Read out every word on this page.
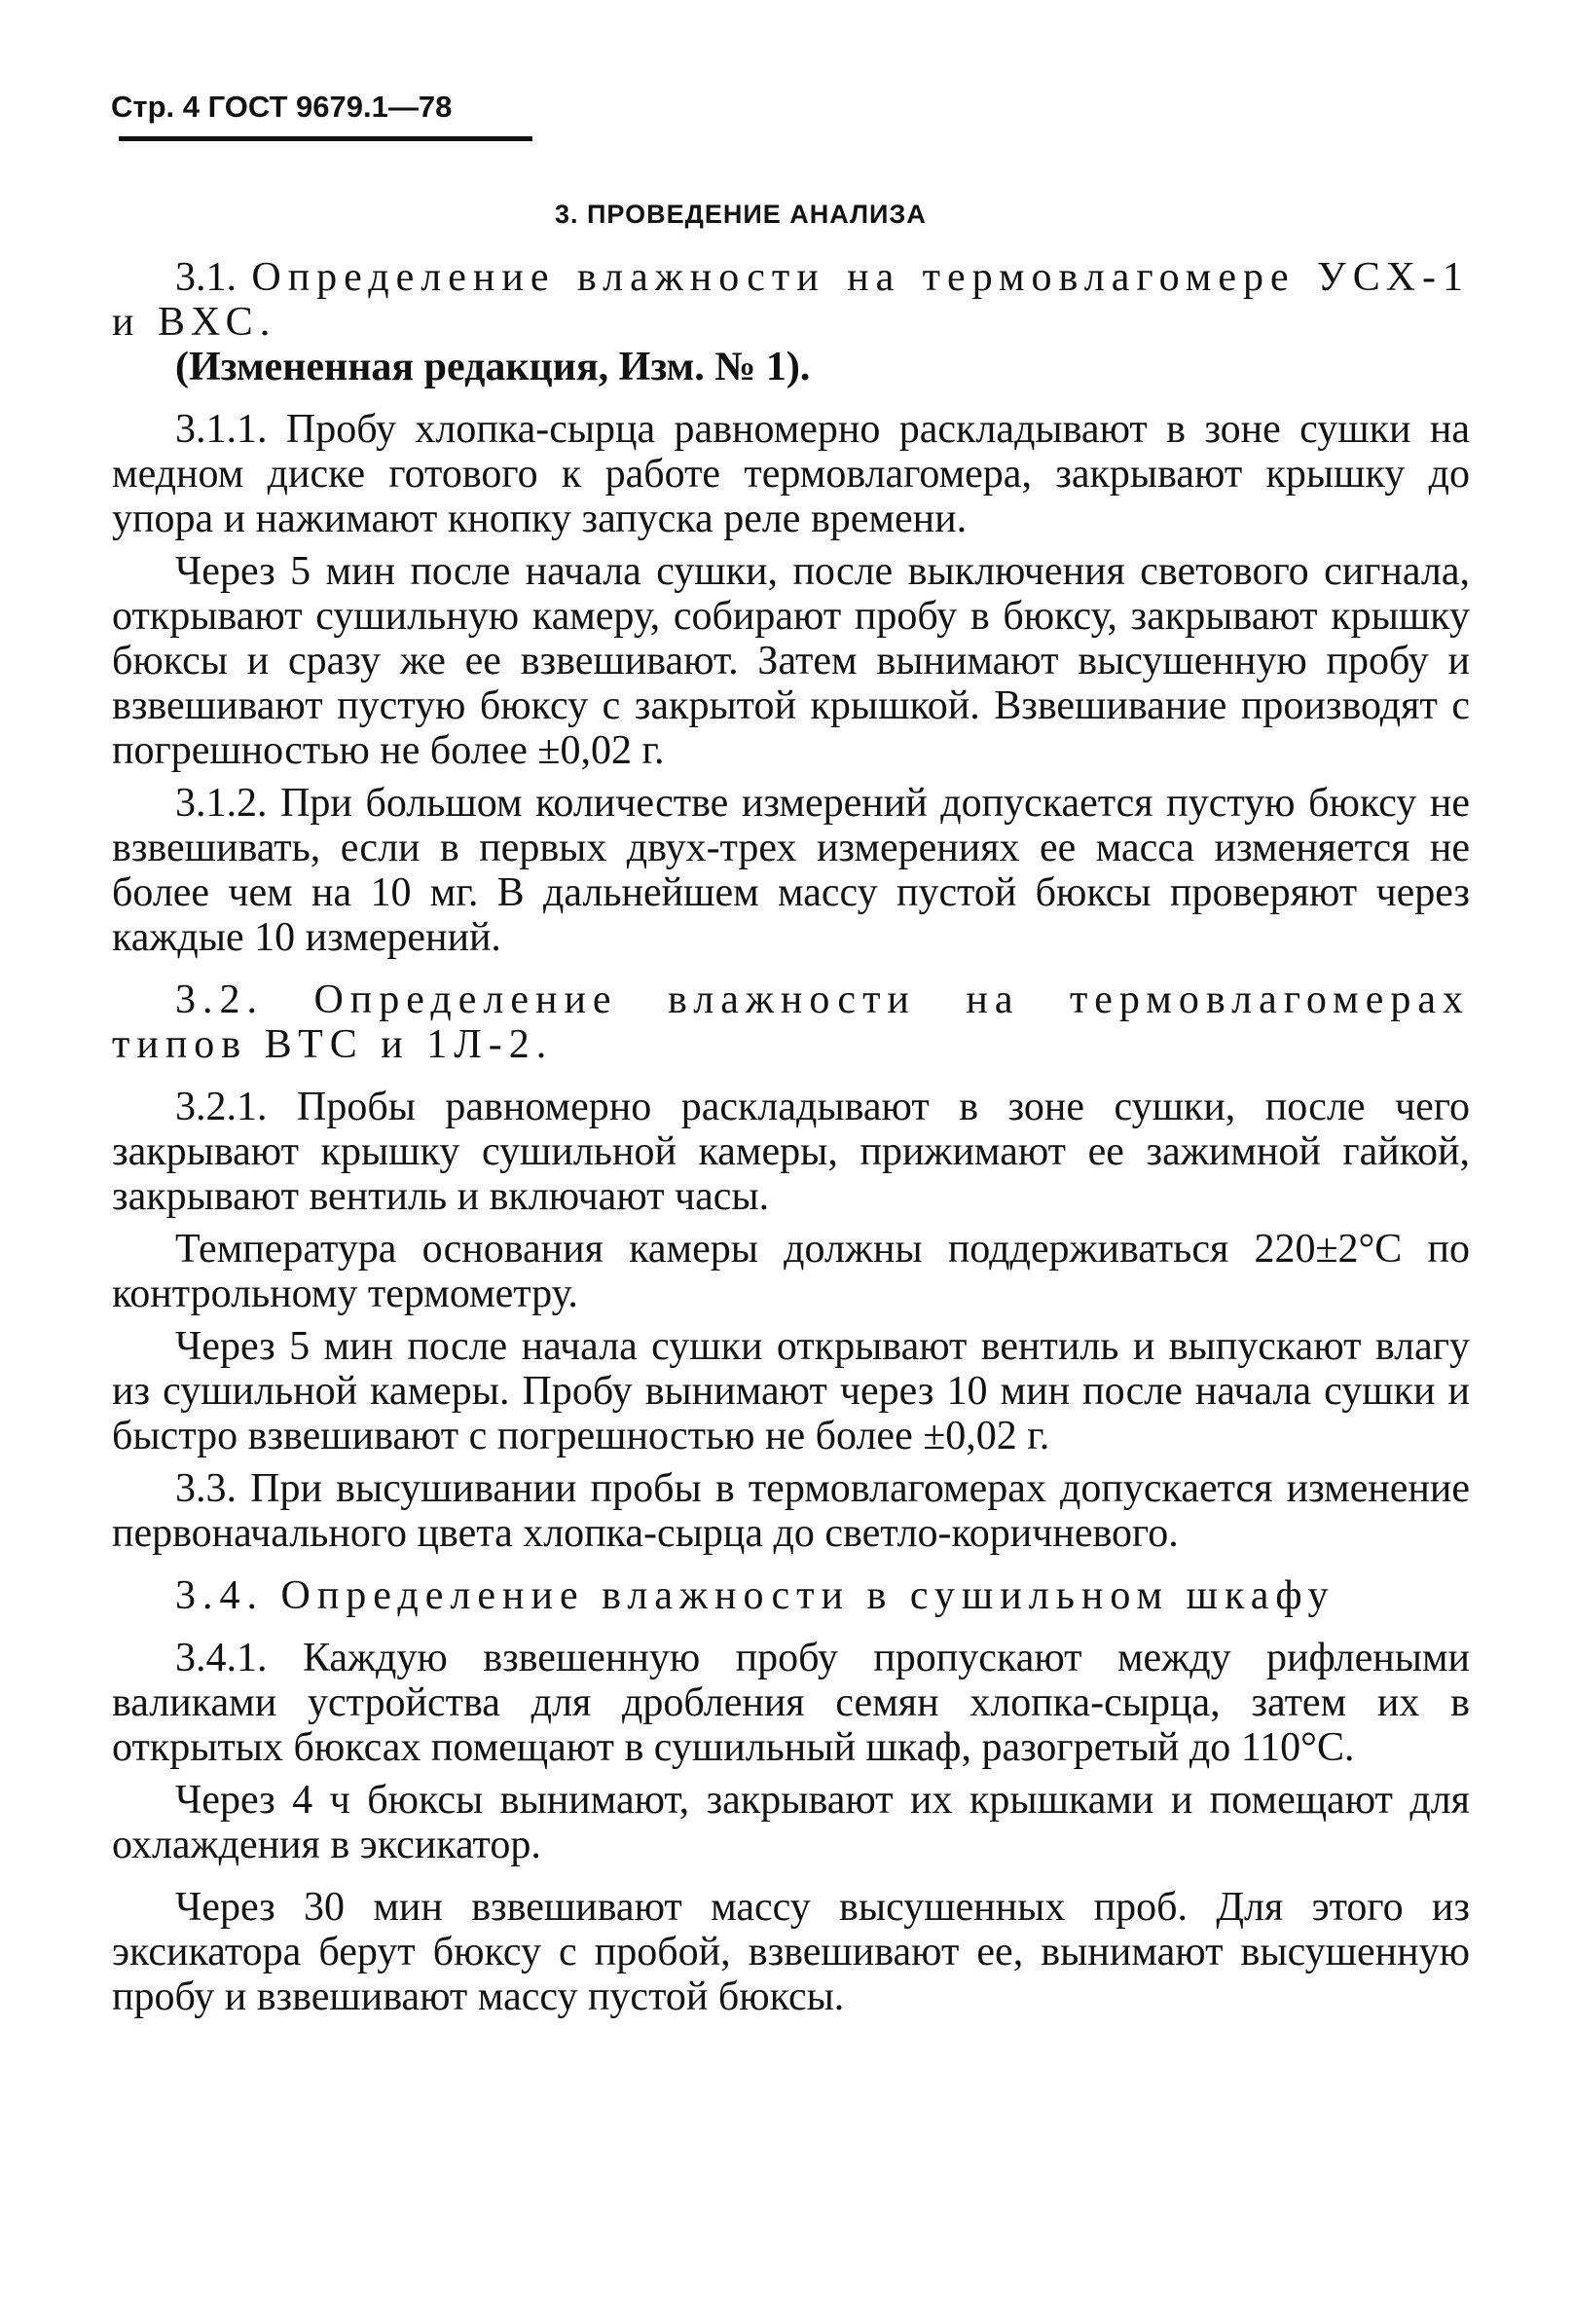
Стр. 4 ГОСТ 9679.1—78
3. ПРОВЕДЕНИЕ АНАЛИЗА

3.1. Определение влажности на термовлагомере УСХ-1 и ВХС.

(Измененная редакция, Изм. № 1).

3.1.1. Пробу хлопка-сырца равномерно раскладывают в зоне сушки на медном диске готового к работе термовлагомера, закрывают крышку до упора и нажимают кнопку запуска реле времени.

Через 5 мин после начала сушки, после выключения светового сигнала, открывают сушильную камеру, собирают пробу в бюксу, закрывают крышку бюксы и сразу же ее взвешивают. Затем вынимают высушенную пробу и взвешивают пустую бюксу с закрытой крышкой. Взвешивание производят с погрешностью не более ±0,02 г.

3.1.2. При большом количестве измерений допускается пустую бюксу не взвешивать, если в первых двух-трех измерениях ее масса изменяется не более чем на 10 мг. В дальнейшем массу пустой бюксы проверяют через каждые 10 измерений.

3.2. Определение влажности на термовлагомерах типов ВТС и 1Л-2.

3.2.1. Пробы равномерно раскладывают в зоне сушки, после чего закрывают крышку сушильной камеры, прижимают ее зажимной гайкой, закрывают вентиль и включают часы.

Температура основания камеры должны поддерживаться 220±2°С по контрольному термометру.

Через 5 мин после начала сушки открывают вентиль и выпускают влагу из сушильной камеры. Пробу вынимают через 10 мин после начала сушки и быстро взвешивают с погрешностью не более ±0,02 г.

3.3. При высушивании пробы в термовлагомерах допускается изменение первоначального цвета хлопка-сырца до светло-коричневого.

3.4. Определение влажности в сушильном шкафу

3.4.1. Каждую взвешенную пробу пропускают между рифлеными валиками устройства для дробления семян хлопка-сырца, затем их в открытых бюксах помещают в сушильный шкаф, разогретый до 110°С.

Через 4 ч бюксы вынимают, закрывают их крышками и помещают для охлаждения в эксикатор.

Через 30 мин взвешивают массу высушенных проб. Для этого из эксикатора берут бюксу с пробой, взвешивают ее, вынимают высушенную пробу и взвешивают массу пустой бюксы.
